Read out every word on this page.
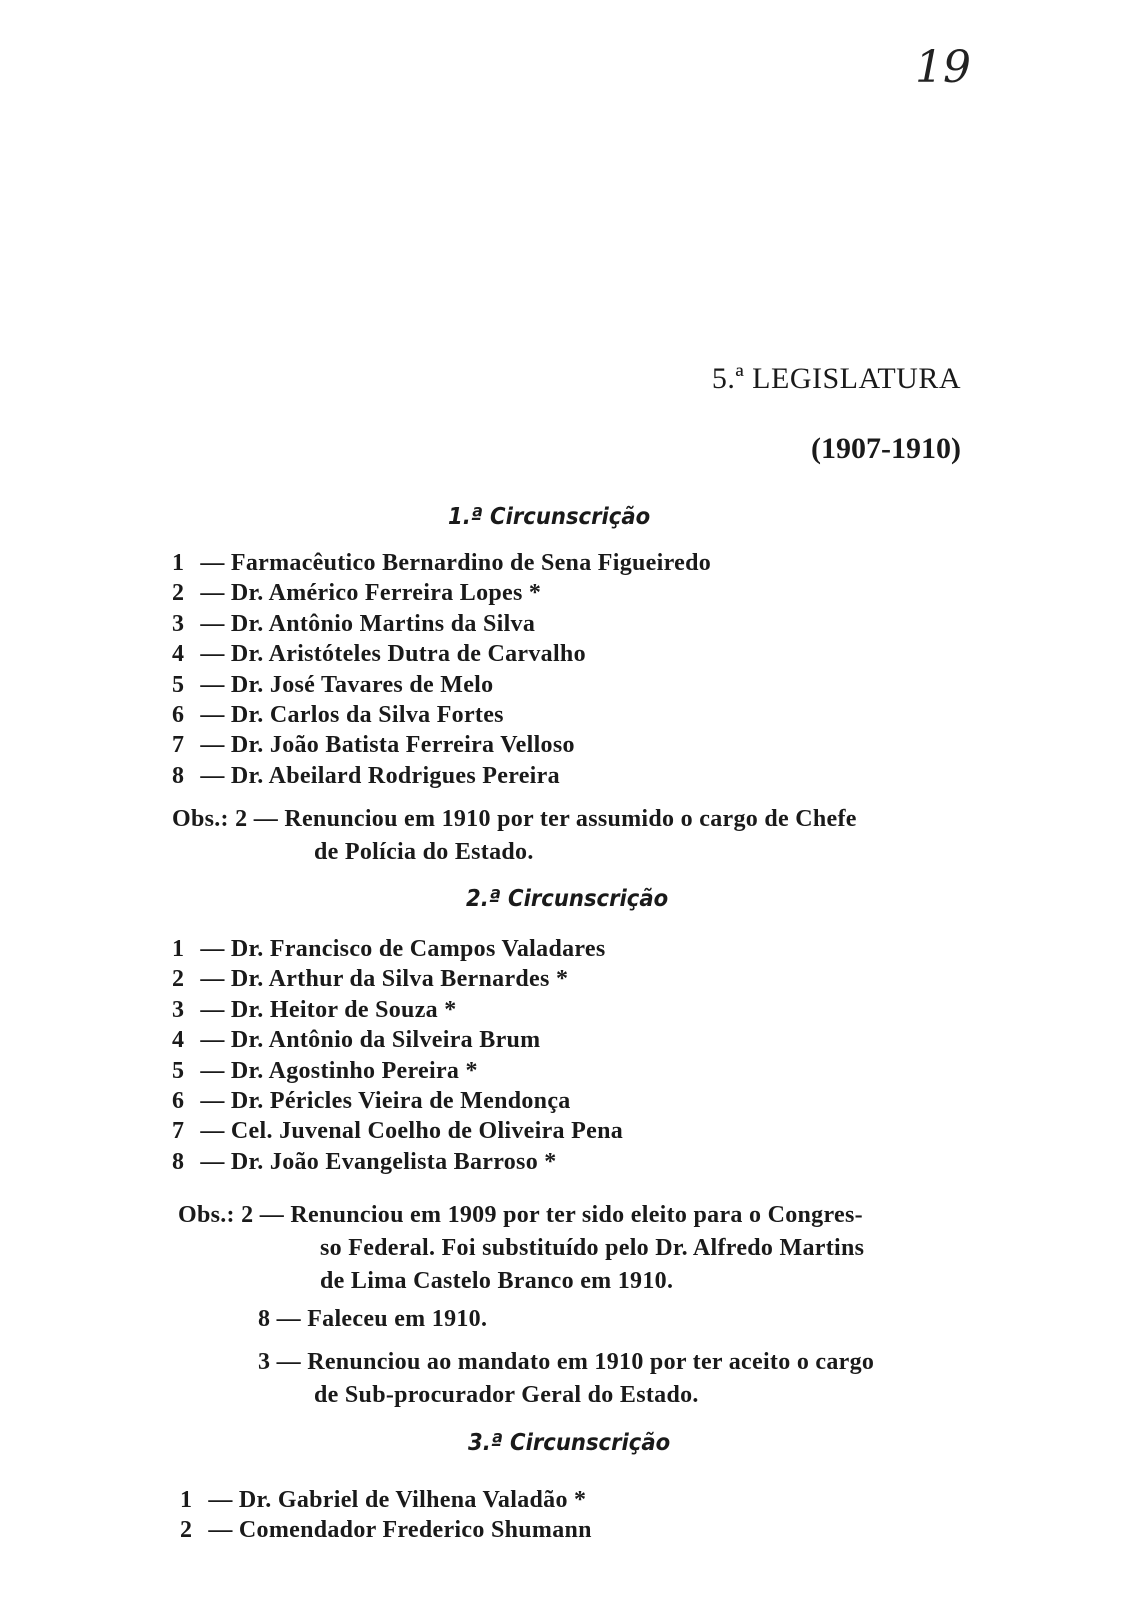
19
5.ª LEGISLATURA
(1907-1910)
1.ª Circunscrição
1 — Farmacêutico Bernardino de Sena Figueiredo
2 — Dr. Américo Ferreira Lopes *
3 — Dr. Antônio Martins da Silva
4 — Dr. Aristóteles Dutra de Carvalho
5 — Dr. José Tavares de Melo
6 — Dr. Carlos da Silva Fortes
7 — Dr. João Batista Ferreira Velloso
8 — Dr. Abeilard Rodrigues Pereira
Obs.: 2 — Renunciou em 1910 por ter assumido o cargo de Chefe
de Polícia do Estado.
2.ª Circunscrição
1 — Dr. Francisco de Campos Valadares
2 — Dr. Arthur da Silva Bernardes *
3 — Dr. Heitor de Souza *
4 — Dr. Antônio da Silveira Brum
5 — Dr. Agostinho Pereira *
6 — Dr. Péricles Vieira de Mendonça
7 — Cel. Juvenal Coelho de Oliveira Pena
8 — Dr. João Evangelista Barroso *
Obs.: 2 — Renunciou em 1909 por ter sido eleito para o Congres-
so Federal. Foi substituído pelo Dr. Alfredo Martins
de Lima Castelo Branco em 1910.
8 — Faleceu em 1910.
3 — Renunciou ao mandato em 1910 por ter aceito o cargo
de Sub-procurador Geral do Estado.
3.ª Circunscrição
1 — Dr. Gabriel de Vilhena Valadão *
2 — Comendador Frederico Shumann
